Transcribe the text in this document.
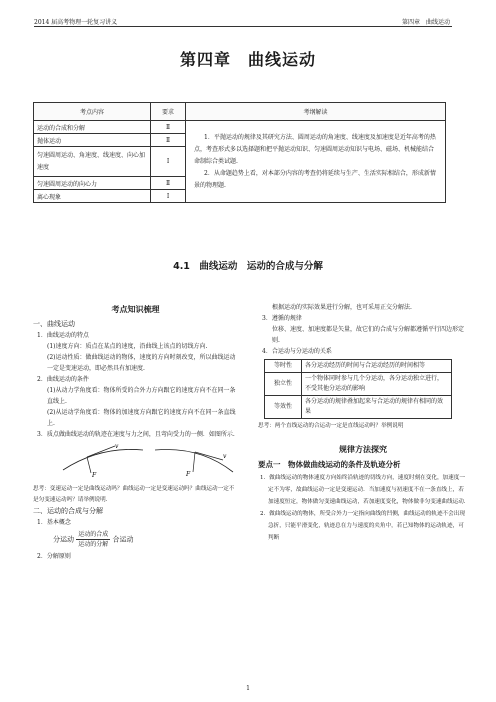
2014 届高考物理一轮复习讲义	第四章　曲线运动
第四章　曲线运动
考点内容	要求	考纲解读
运动的合成和分解	Ⅱ	1．平抛运动的规律及其研究方法、圆周运动的角速度、线速度及加速度是近年高考的热点，考查形式多以选择题和把平抛运动知识、匀速圆周运动知识与电场、磁场、机械能结合命制综合类试题.
2．从命题趋势上看，对本部分内容的考查仍将延续与生产、生活实际相结合，形成新情景的物理题.

抛体运动	Ⅱ	
匀速圆周运动、角速度、线速度、向心加速度	Ⅰ	
匀速圆周运动的向心力	Ⅱ	
离心现象	Ⅰ	
4.1　曲线运动　运动的合成与分解
考点知识梳理
一、曲线运动
1．曲线运动的特点
(1)速度方向：质点在某点的速度，沿曲线上该点的切线方向.
(2)运动性质：做曲线运动的物体，速度的方向时刻改变，所以曲线运动一定是变速运动，即必然具有加速度.
2．曲线运动的条件
(1)从动力学角度看：物体所受的合外力方向跟它的速度方向不在同一条直线上.
(2)从运动学角度看：物体的加速度方向跟它的速度方向不在同一条直线上.
3．质点做曲线运动的轨迹在速度与力之间，且弯向受力的一侧．如图所示.
v
F
v
F
思考：变速运动一定是曲线运动吗？曲线运动一定是变速运动吗？曲线运动一定不是匀变速运动吗？请举例说明.
二、运动的合成与分解
1．基本概念
分运动 $\frac{\text{运动的合成}}{\text{运动的分解}}$ 合运动
2．分解原则
根据运动的实际效果进行分解，也可采用正交分解法.
3．遵循的规律
位移、速度、加速度都是矢量，故它们的合成与分解都遵循平行四边形定则.
4．合运动与分运动的关系
等时性	各分运动经历的时间与合运动经历的时间相等
独立性	一个物体同时参与几个分运动，各分运动独立进行，不受其他分运动的影响
等效性	各分运动的规律叠加起来与合运动的规律有相同的效果
思考：两个直线运动的合运动一定是直线运动吗？举例说明
规律方法探究
要点一　物体做曲线运动的条件及轨迹分析
1．做曲线运动的物体速度方向始终沿轨迹的切线方向，速度时刻在变化，加速度一定不为零，故曲线运动一定是变速运动．当加速度与初速度不在一条直线上，若加速度恒定，物体做匀变速曲线运动，若加速度变化，物体做非匀变速曲线运动.
2．做曲线运动的物体，所受合外力一定指向曲线的凹侧，曲线运动的轨迹不会出现急折，只能平滑变化，轨迹总在力与速度的夹角中，若已知物体的运动轨迹，可判断
1
